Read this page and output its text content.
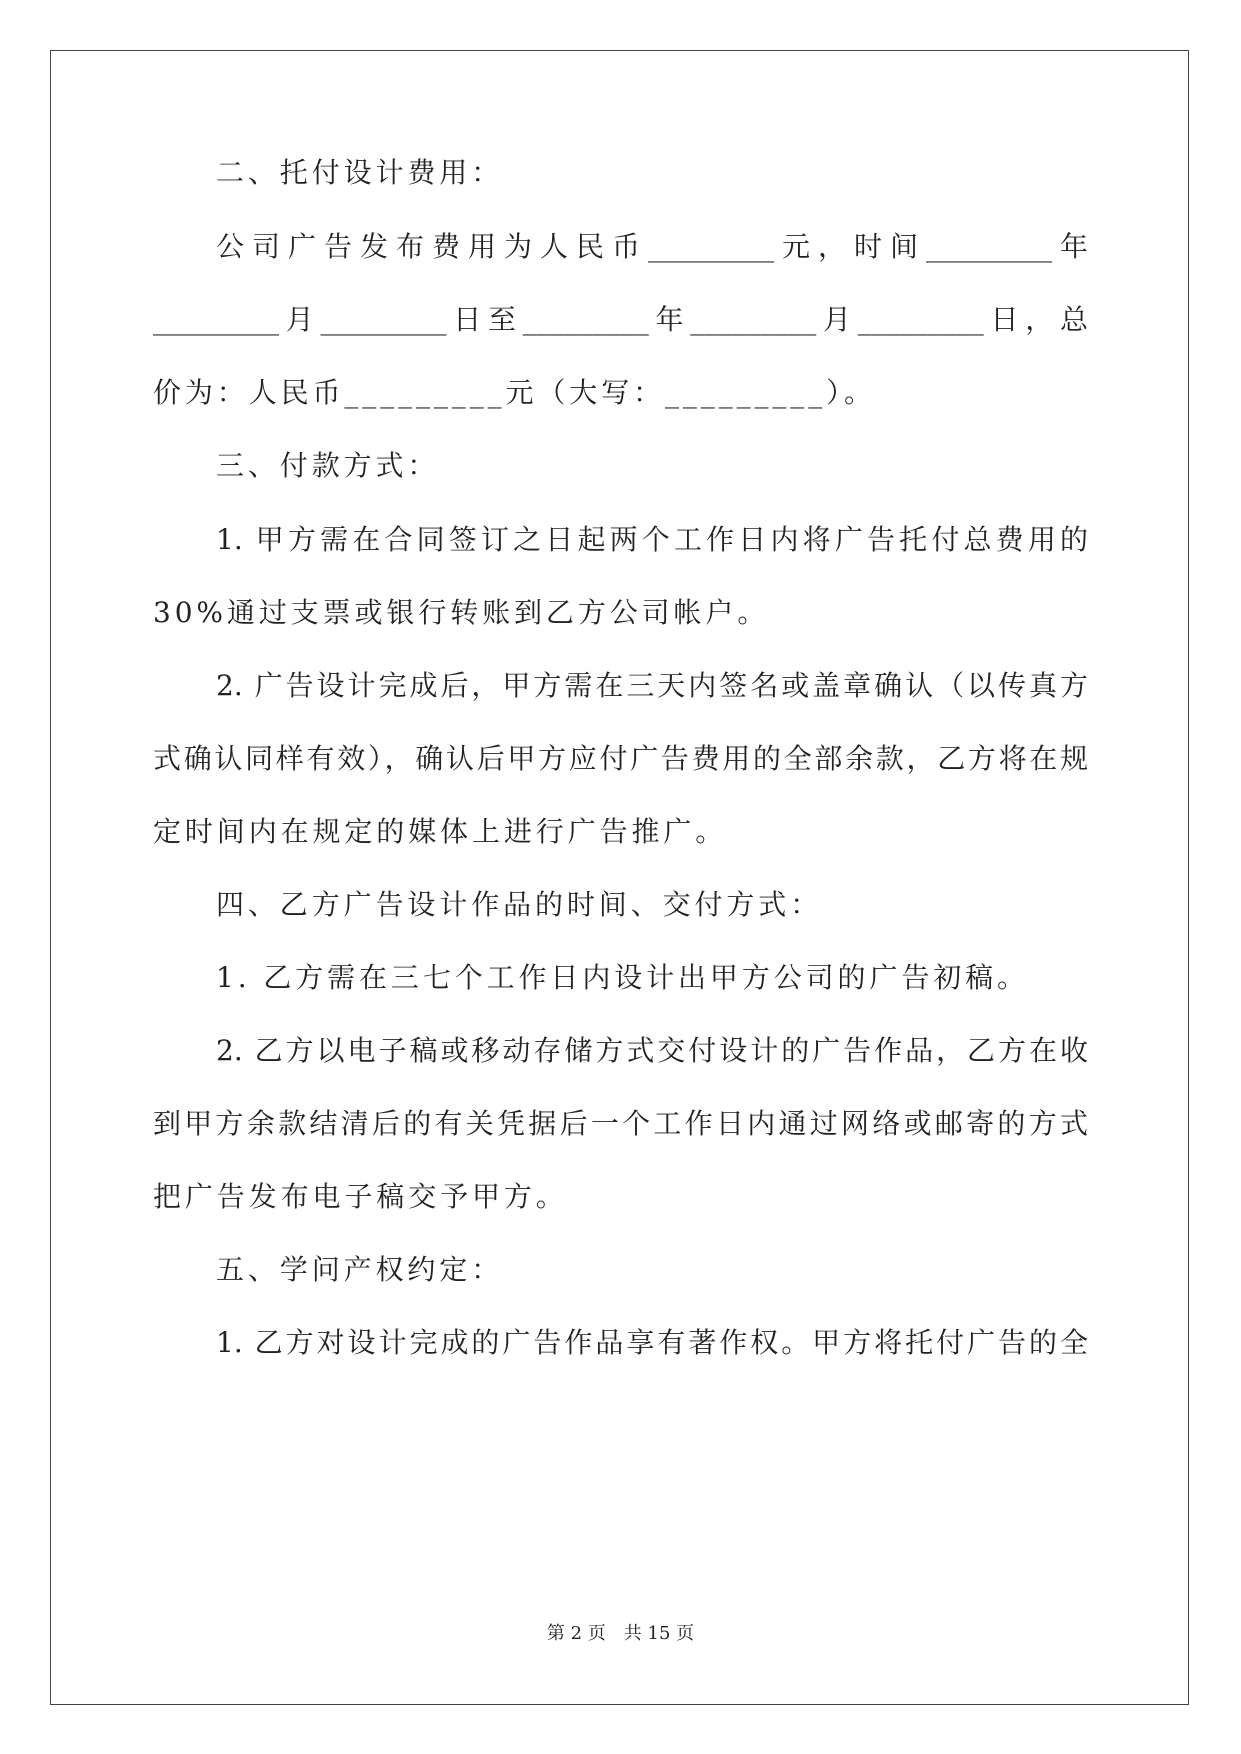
二、托付设计费用：
公司广告发布费用为人民币_________元，时间_________年
_________月_________日至_________年_________月_________日，总
价为：人民币_________元（大写：_________）。
三、付款方式：
1. 甲方需在合同签订之日起两个工作日内将广告托付总费用的
30%通过支票或银行转账到乙方公司帐户。
2. 广告设计完成后，甲方需在三天内签名或盖章确认（以传真方
式确认同样有效），确认后甲方应付广告费用的全部余款，乙方将在规
定时间内在规定的媒体上进行广告推广。
四、乙方广告设计作品的时间、交付方式：
1. 乙方需在三七个工作日内设计出甲方公司的广告初稿。
2. 乙方以电子稿或移动存储方式交付设计的广告作品，乙方在收
到甲方余款结清后的有关凭据后一个工作日内通过网络或邮寄的方式
把广告发布电子稿交予甲方。
五、学问产权约定：
1. 乙方对设计完成的广告作品享有著作权。甲方将托付广告的全
第 2 页　共 15 页
